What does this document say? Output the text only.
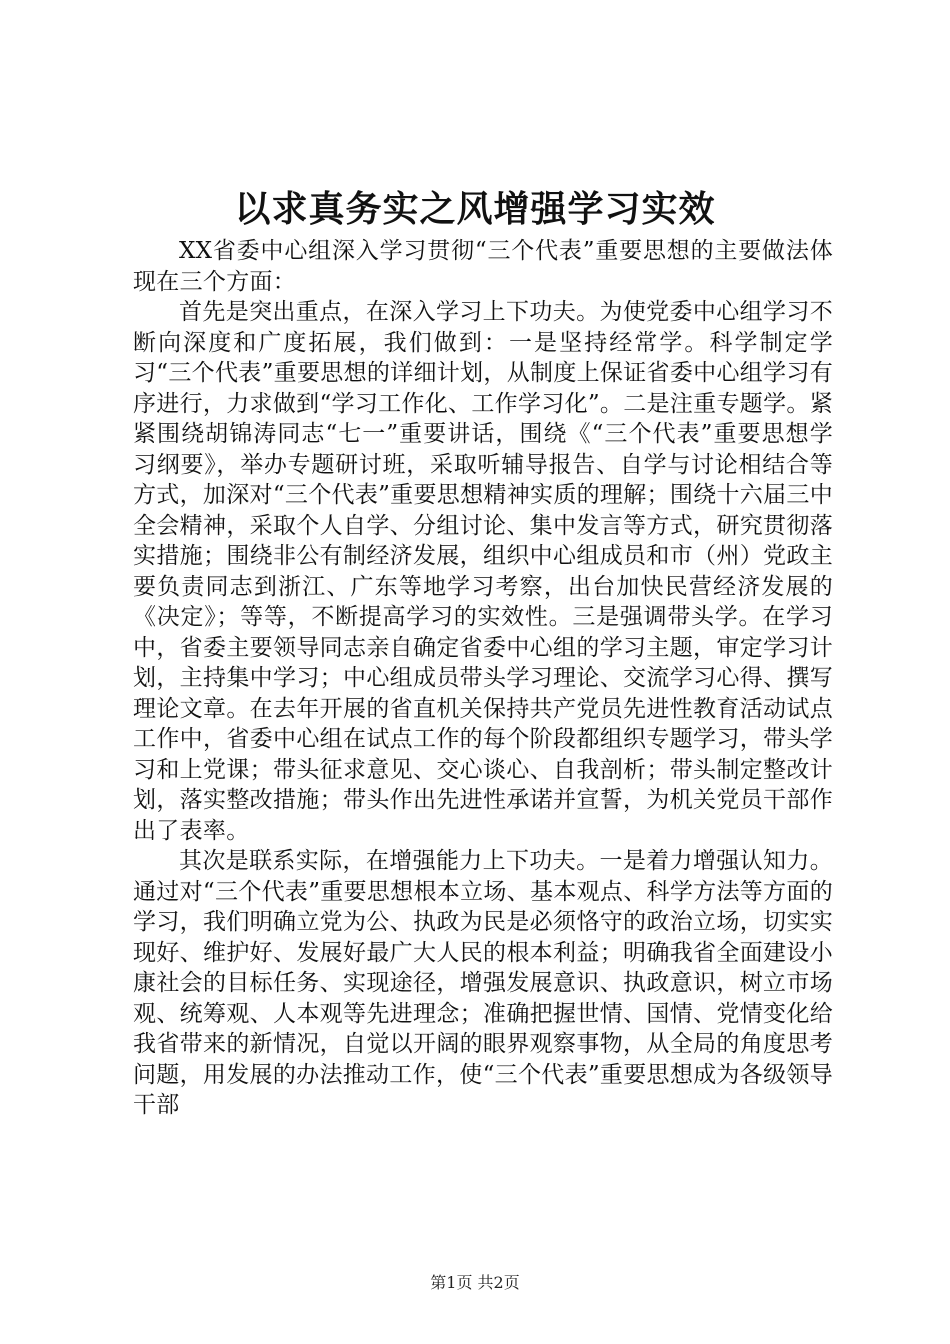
以求真务实之风增强学习实效

XX省委中心组深入学习贯彻“三个代表”重要思想的主要做法体现在三个方面：

首先是突出重点，在深入学习上下功夫。为使党委中心组学习不断向深度和广度拓展，我们做到：一是坚持经常学。科学制定学习“三个代表”重要思想的详细计划，从制度上保证省委中心组学习有序进行，力求做到“学习工作化、工作学习化”。二是注重专题学。紧紧围绕胡锦涛同志“七一”重要讲话，围绕《“三个代表”重要思想学习纲要》，举办专题研讨班，采取听辅导报告、自学与讨论相结合等方式，加深对“三个代表”重要思想精神实质的理解；围绕十六届三中全会精神，采取个人自学、分组讨论、集中发言等方式，研究贯彻落实措施；围绕非公有制经济发展，组织中心组成员和市（州）党政主要负责同志到浙江、广东等地学习考察，出台加快民营经济发展的《决定》；等等，不断提高学习的实效性。三是强调带头学。在学习中，省委主要领导同志亲自确定省委中心组的学习主题，审定学习计划，主持集中学习；中心组成员带头学习理论、交流学习心得、撰写理论文章。在去年开展的省直机关保持共产党员先进性教育活动试点工作中，省委中心组在试点工作的每个阶段都组织专题学习，带头学习和上党课；带头征求意见、交心谈心、自我剖析；带头制定整改计划，落实整改措施；带头作出先进性承诺并宣誓，为机关党员干部作出了表率。

其次是联系实际，在增强能力上下功夫。一是着力增强认知力。通过对“三个代表”重要思想根本立场、基本观点、科学方法等方面的学习，我们明确立党为公、执政为民是必须恪守的政治立场，切实实现好、维护好、发展好最广大人民的根本利益；明确我省全面建设小康社会的目标任务、实现途径，增强发展意识、执政意识，树立市场观、统筹观、人本观等先进理念；准确把握世情、国情、党情变化给我省带来的新情况，自觉以开阔的眼界观察事物，从全局的角度思考问题，用发展的办法推动工作，使“三个代表”重要思想成为各级领导干部

第1页 共2页
